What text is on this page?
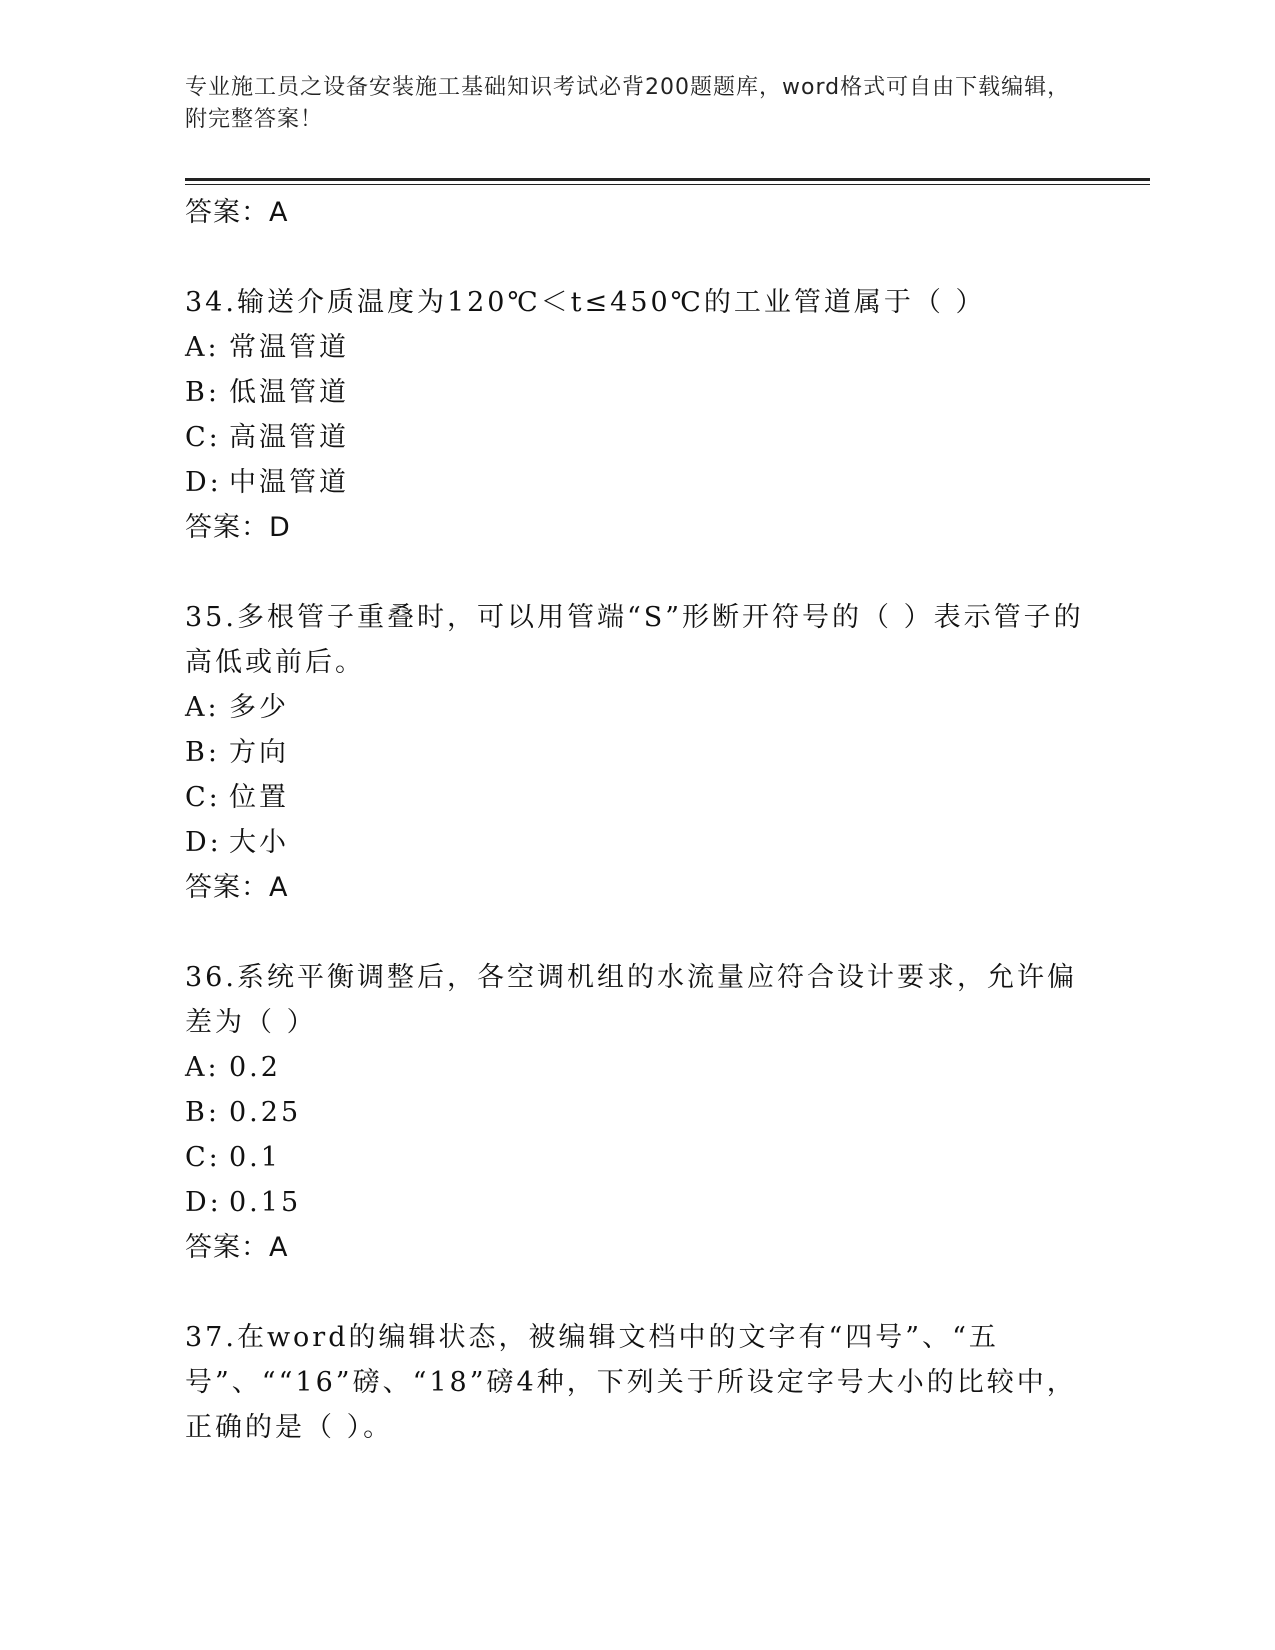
专业施工员之设备安装施工基础知识考试必背200题题库，word格式可自由下载编辑，附完整答案！
答案：A
34.输送介质温度为120℃＜t≤450℃的工业管道属于（ ）
A: 常温管道
B: 低温管道
C: 高温管道
D: 中温管道
答案：D
35.多根管子重叠时，可以用管端“S”形断开符号的（ ）表示管子的高低或前后。
A: 多少
B: 方向
C: 位置
D: 大小
答案：A
36.系统平衡调整后，各空调机组的水流量应符合设计要求，允许偏差为（ ）
A: 0.2
B: 0.25
C: 0.1
D: 0.15
答案：A
37.在word的编辑状态，被编辑文档中的文字有“四号”、“五号”、““16”磅、“18”磅4种，下列关于所设定字号大小的比较中，正确的是（ ）。
